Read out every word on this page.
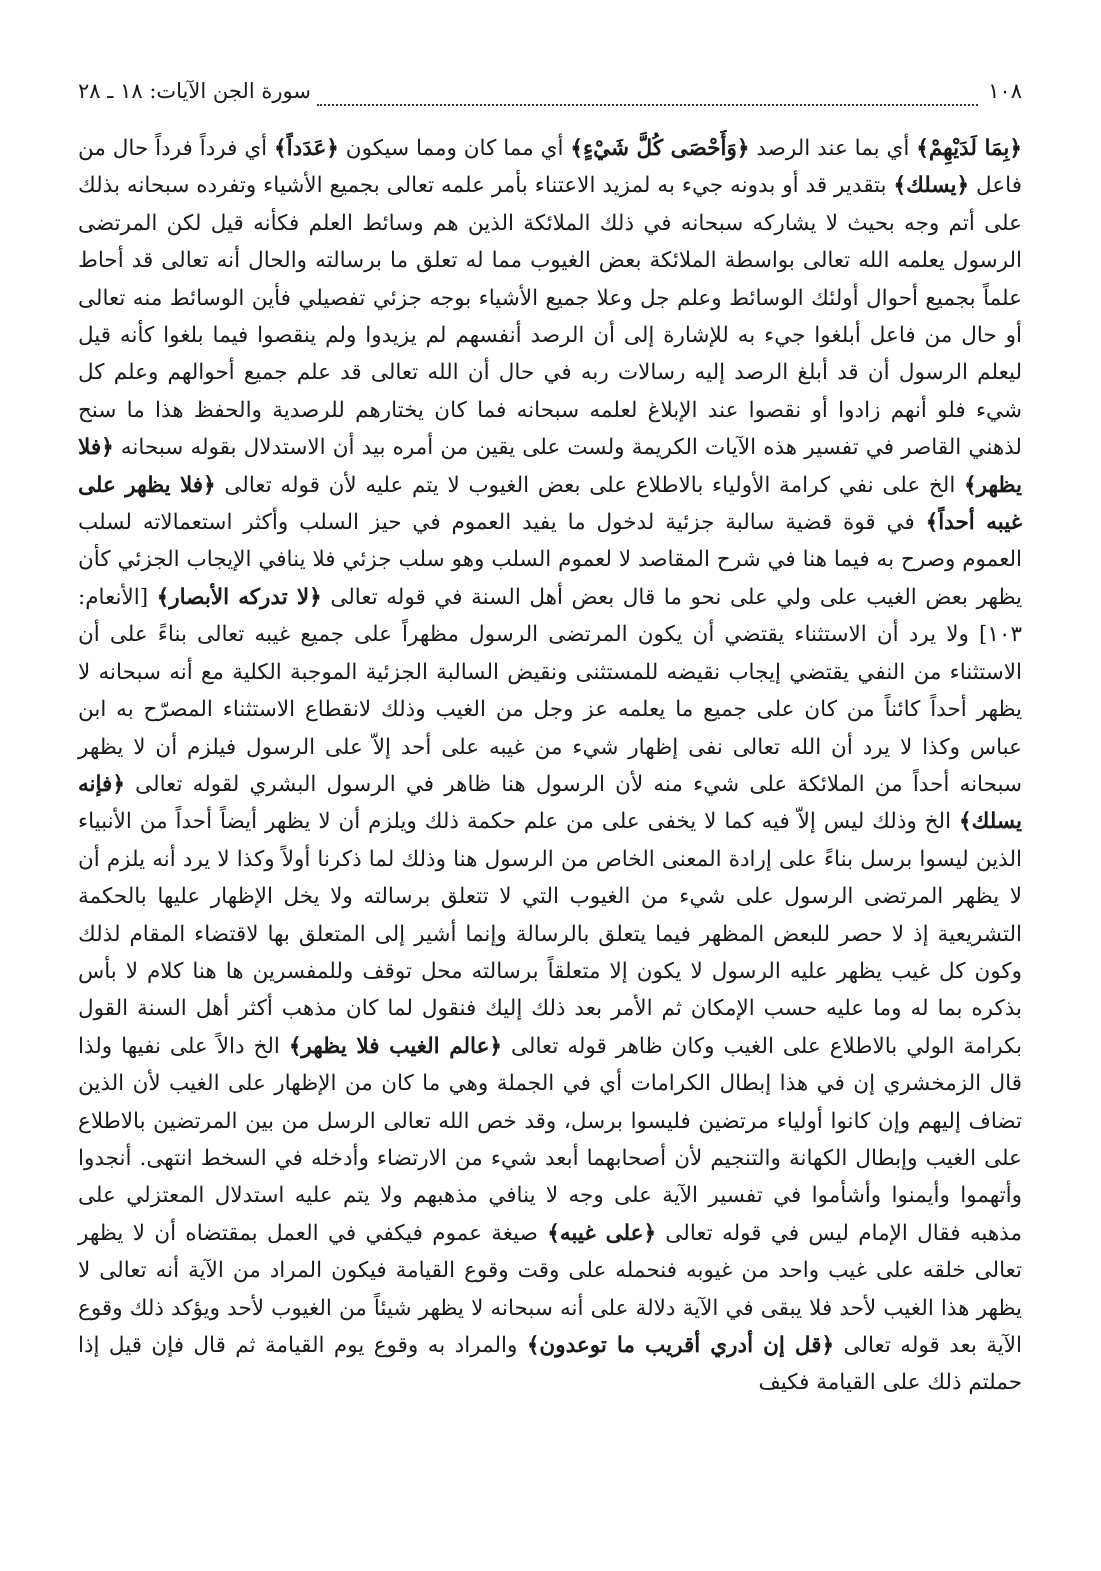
١٠٨
سورة الجن الآيات: ١٨ ـ ٢٨

﴿بِمَا لَدَيْهِمْ﴾ أي بما عند الرصد ﴿وَأَحْصَى كُلَّ شَيْءٍ﴾ أي مما كان ومما سيكون ﴿عَدَداً﴾ أي فرداً فرداً حال من فاعل ﴿يسلك﴾ بتقدير قد أو بدونه جيء به لمزيد الاعتناء بأمر علمه تعالى بجميع الأشياء وتفرده سبحانه بذلك على أتم وجه بحيث لا يشاركه سبحانه في ذلك الملائكة الذين هم وسائط العلم فكأنه قيل لكن المرتضى الرسول يعلمه الله تعالى بواسطة الملائكة بعض الغيوب مما له تعلق ما برسالته والحال أنه تعالى قد أحاط علماً بجميع أحوال أولئك الوسائط وعلم جل وعلا جميع الأشياء بوجه جزئي تفصيلي فأين الوسائط منه تعالى أو حال من فاعل أبلغوا جيء به للإشارة إلى أن الرصد أنفسهم لم يزيدوا ولم ينقصوا فيما بلغوا كأنه قيل ليعلم الرسول أن قد أبلغ الرصد إليه رسالات ربه في حال أن الله تعالى قد علم جميع أحوالهم وعلم كل شيء فلو أنهم زادوا أو نقصوا عند الإبلاغ لعلمه سبحانه فما كان يختارهم للرصدية والحفظ هذا ما سنح لذهني القاصر في تفسير هذه الآيات الكريمة ولست على يقين من أمره بيد أن الاستدلال بقوله سبحانه ﴿فلا يظهر﴾ الخ على نفي كرامة الأولياء بالاطلاع على بعض الغيوب لا يتم عليه لأن قوله تعالى ﴿فلا يظهر على غيبه أحداً﴾ في قوة قضية سالبة جزئية لدخول ما يفيد العموم في حيز السلب وأكثر استعمالاته لسلب العموم وصرح به فيما هنا في شرح المقاصد لا لعموم السلب وهو سلب جزئي فلا ينافي الإيجاب الجزئي كأن يظهر بعض الغيب على ولي على نحو ما قال بعض أهل السنة في قوله تعالى ﴿لا تدركه الأبصار﴾ [الأنعام: ١٠٣] ولا يرد أن الاستثناء يقتضي أن يكون المرتضى الرسول مظهراً على جميع غيبه تعالى بناءً على أن الاستثناء من النفي يقتضي إيجاب نقيضه للمستثنى ونقيض السالبة الجزئية الموجبة الكلية مع أنه سبحانه لا يظهر أحداً كائناً من كان على جميع ما يعلمه عز وجل من الغيب وذلك لانقطاع الاستثناء المصرّح به ابن عباس وكذا لا يرد أن الله تعالى نفى إظهار شيء من غيبه على أحد إلاّ على الرسول فيلزم أن لا يظهر سبحانه أحداً من الملائكة على شيء منه لأن الرسول هنا ظاهر في الرسول البشري لقوله تعالى ﴿فإنه يسلك﴾ الخ وذلك ليس إلاّ فيه كما لا يخفى على من علم حكمة ذلك ويلزم أن لا يظهر أيضاً أحداً من الأنبياء الذين ليسوا برسل بناءً على إرادة المعنى الخاص من الرسول هنا وذلك لما ذكرنا أولاً وكذا لا يرد أنه يلزم أن لا يظهر المرتضى الرسول على شيء من الغيوب التي لا تتعلق برسالته ولا يخل الإظهار عليها بالحكمة التشريعية إذ لا حصر للبعض المظهر فيما يتعلق بالرسالة وإنما أشير إلى المتعلق بها لاقتضاء المقام لذلك وكون كل غيب يظهر عليه الرسول لا يكون إلا متعلقاً برسالته محل توقف وللمفسرين ها هنا كلام لا بأس بذكره بما له وما عليه حسب الإمكان ثم الأمر بعد ذلك إليك فنقول لما كان مذهب أكثر أهل السنة القول بكرامة الولي بالاطلاع على الغيب وكان ظاهر قوله تعالى ﴿عالم الغيب فلا يظهر﴾ الخ دالاً على نفيها ولذا قال الزمخشري إن في هذا إبطال الكرامات أي في الجملة وهي ما كان من الإظهار على الغيب لأن الذين تضاف إليهم وإن كانوا أولياء مرتضين فليسوا برسل، وقد خص الله تعالى الرسل من بين المرتضين بالاطلاع على الغيب وإبطال الكهانة والتنجيم لأن أصحابهما أبعد شيء من الارتضاء وأدخله في السخط انتهى. أنجدوا وأتهموا وأيمنوا وأشأموا في تفسير الآية على وجه لا ينافي مذهبهم ولا يتم عليه استدلال المعتزلي على مذهبه فقال الإمام ليس في قوله تعالى ﴿على غيبه﴾ صيغة عموم فيكفي في العمل بمقتضاه أن لا يظهر تعالى خلقه على غيب واحد من غيوبه فنحمله على وقت وقوع القيامة فيكون المراد من الآية أنه تعالى لا يظهر هذا الغيب لأحد فلا يبقى في الآية دلالة على أنه سبحانه لا يظهر شيئاً من الغيوب لأحد ويؤكد ذلك وقوع الآية بعد قوله تعالى ﴿قل إن أدري أقريب ما توعدون﴾ والمراد به وقوع يوم القيامة ثم قال فإن قيل إذا حملتم ذلك على القيامة فكيف
